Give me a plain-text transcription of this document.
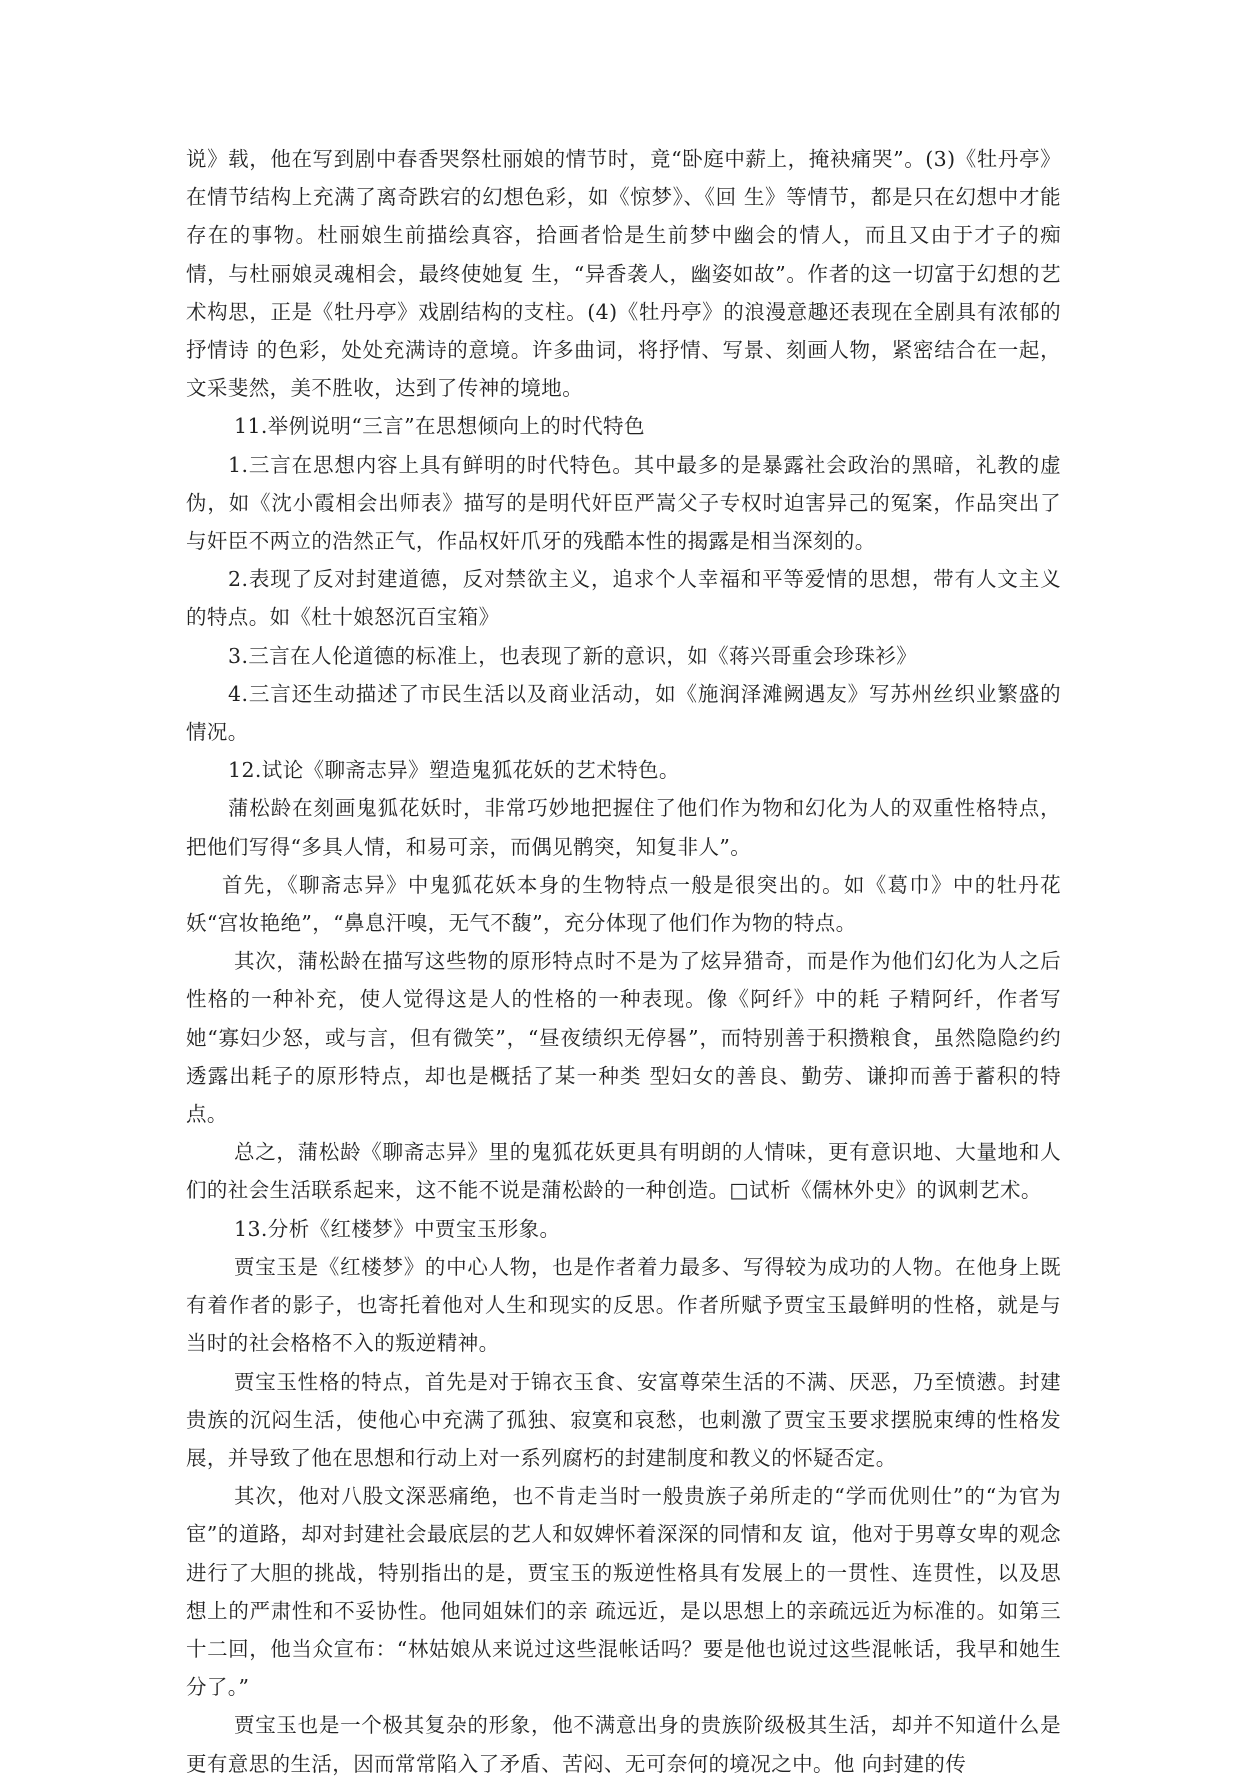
说》载，他在写到剧中春香哭祭杜丽娘的情节时，竟“卧庭中薪上，掩袂痛哭”。(3)《牡丹亭》在情节结构上充满了离奇跌宕的幻想色彩，如《惊梦》、《回 生》等情节，都是只在幻想中才能存在的事物。杜丽娘生前描绘真容，拾画者恰是生前梦中幽会的情人，而且又由于才子的痴情，与杜丽娘灵魂相会，最终使她复 生，“异香袭人，幽姿如故”。作者的这一切富于幻想的艺术构思，正是《牡丹亭》戏剧结构的支柱。(4)《牡丹亭》的浪漫意趣还表现在全剧具有浓郁的抒情诗 的色彩，处处充满诗的意境。许多曲词，将抒情、写景、刻画人物，紧密结合在一起，文采斐然，美不胜收，达到了传神的境地。

11.举例说明“三言”在思想倾向上的时代特色

1.三言在思想内容上具有鲜明的时代特色。其中最多的是暴露社会政治的黑暗，礼教的虚伪，如《沈小霞相会出师表》描写的是明代奸臣严嵩父子专权时迫害异己的冤案，作品突出了与奸臣不两立的浩然正气，作品权奸爪牙的残酷本性的揭露是相当深刻的。

2.表现了反对封建道德，反对禁欲主义，追求个人幸福和平等爱情的思想，带有人文主义的特点。如《杜十娘怒沉百宝箱》

3.三言在人伦道德的标准上，也表现了新的意识，如《蒋兴哥重会珍珠衫》

4.三言还生动描述了市民生活以及商业活动，如《施润泽滩阙遇友》写苏州丝织业繁盛的情况。

12.试论《聊斋志异》塑造鬼狐花妖的艺术特色。

蒲松龄在刻画鬼狐花妖时，非常巧妙地把握住了他们作为物和幻化为人的双重性格特点，把他们写得“多具人情，和易可亲，而偶见鹘突，知复非人”。

首先，《聊斋志异》中鬼狐花妖本身的生物特点一般是很突出的。如《葛巾》中的牡丹花妖“宫妆艳绝”，“鼻息汗嗅，无气不馥”，充分体现了他们作为物的特点。

其次，蒲松龄在描写这些物的原形特点时不是为了炫异猎奇，而是作为他们幻化为人之后性格的一种补充，使人觉得这是人的性格的一种表现。像《阿纤》中的耗 子精阿纤，作者写她“寡妇少怒，或与言，但有微笑”，“昼夜绩织无停晷”，而特别善于积攒粮食，虽然隐隐约约透露出耗子的原形特点，却也是概括了某一种类 型妇女的善良、勤劳、谦抑而善于蓄积的特点。

总之，蒲松龄《聊斋志异》里的鬼狐花妖更具有明朗的人情味，更有意识地、大量地和人们的社会生活联系起来，这不能不说是蒲松龄的一种创造。□试析《儒林外史》的讽刺艺术。

13.分析《红楼梦》中贾宝玉形象。

贾宝玉是《红楼梦》的中心人物，也是作者着力最多、写得较为成功的人物。在他身上既有着作者的影子，也寄托着他对人生和现实的反思。作者所赋予贾宝玉最鲜明的性格，就是与当时的社会格格不入的叛逆精神。

贾宝玉性格的特点，首先是对于锦衣玉食、安富尊荣生活的不满、厌恶，乃至愤懑。封建贵族的沉闷生活，使他心中充满了孤独、寂寞和哀愁，也刺激了贾宝玉要求摆脱束缚的性格发展，并导致了他在思想和行动上对一系列腐朽的封建制度和教义的怀疑否定。

其次，他对八股文深恶痛绝，也不肯走当时一般贵族子弟所走的“学而优则仕”的“为官为宦”的道路，却对封建社会最底层的艺人和奴婢怀着深深的同情和友 谊，他对于男尊女卑的观念进行了大胆的挑战，特别指出的是，贾宝玉的叛逆性格具有发展上的一贯性、连贯性，以及思想上的严肃性和不妥协性。他同姐妹们的亲 疏远近，是以思想上的亲疏远近为标准的。如第三十二回，他当众宣布：“林姑娘从来说过这些混帐话吗？要是他也说过这些混帐话，我早和她生分了。”

贾宝玉也是一个极其复杂的形象，他不满意出身的贵族阶级极其生活，却并不知道什么是更有意思的生活，因而常常陷入了矛盾、苦闷、无可奈何的境况之中。他 向封建的传
